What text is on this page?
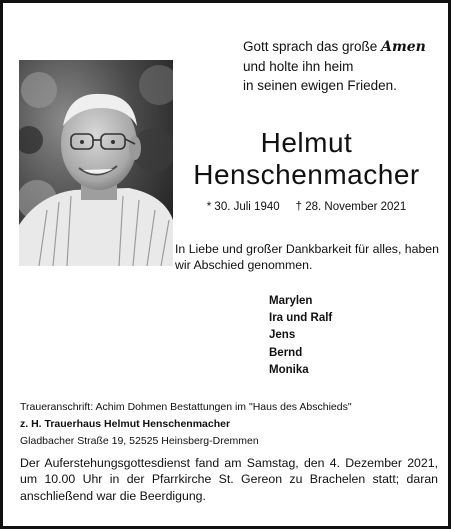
Gott sprach das große Amen
und holte ihn heim
in seinen ewigen Frieden.
Helmut
Henschenmacher
* 30. Juli 1940 † 28. November 2021
In Liebe und großer Dankbarkeit für alles, haben wir Abschied genommen.
Marylen
Ira und Ralf
Jens
Bernd
Monika
Traueranschrift: Achim Dohmen Bestattungen im "Haus des Abschieds"
z. H. Trauerhaus Helmut Henschenmacher
Gladbacher Straße 19, 52525 Heinsberg-Dremmen
Der Auferstehungsgottesdienst fand am Samstag, den 4. Dezember 2021, um 10.00 Uhr in der Pfarrkirche St. Gereon zu Brachelen statt; daran anschließend war die Beerdigung.
